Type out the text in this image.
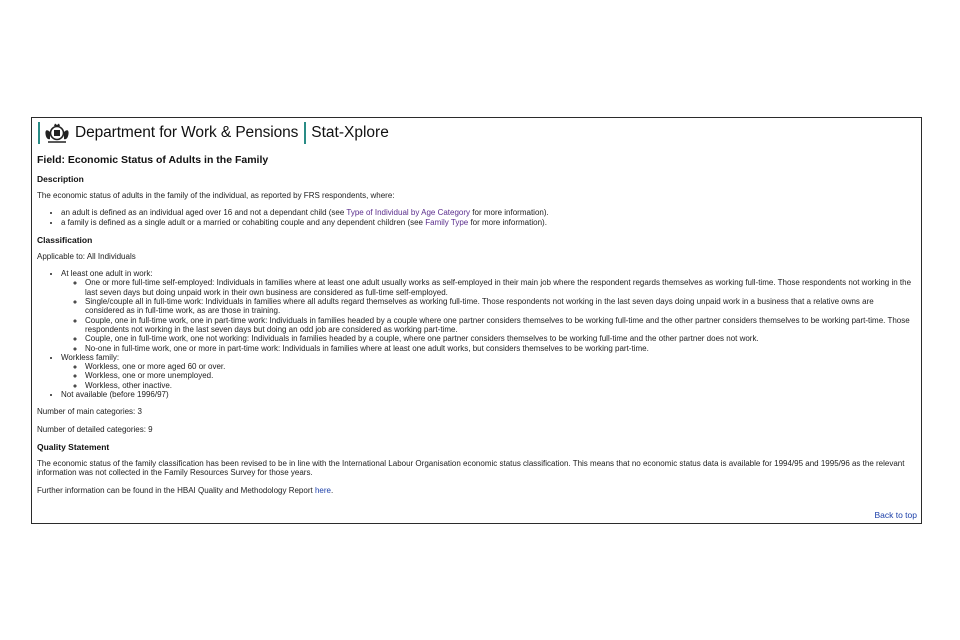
Department for Work & Pensions Stat-Xplore
Field: Economic Status of Adults in the Family
Description

The economic status of adults in the family of the individual, as reported by FRS respondents, where:

• an adult is defined as an individual aged over 16 and not a dependant child (see Type of Individual by Age Category for more information).
• a family is defined as a single adult or a married or cohabiting couple and any dependent children (see Family Type for more information).
Classification

Applicable to: All Individuals

• At least one adult in work:
◦ One or more full-time self-employed: Individuals in families where at least one adult usually works as self-employed in their main job where the respondent regards themselves as working full-time. Those respondents not working in the last seven days but doing unpaid work in their own business are considered as full-time self-employed.
◦ Single/couple all in full-time work: Individuals in families where all adults regard themselves as working full-time. Those respondents not working in the last seven days doing unpaid work in a business that a relative owns are considered as in full-time work, as are those in training.
◦ Couple, one in full-time work, one in part-time work: Individuals in families headed by a couple where one partner considers themselves to be working full-time and the other partner considers themselves to be working part-time. Those respondents not working in the last seven days but doing an odd job are considered as working part-time.
◦ Couple, one in full-time work, one not working: Individuals in families headed by a couple, where one partner considers themselves to be working full-time and the other partner does not work.
◦ No-one in full-time work, one or more in part-time work: Individuals in families where at least one adult works, but considers themselves to be working part-time.
• Workless family:
◦ Workless, one or more aged 60 or over.
◦ Workless, one or more unemployed.
◦ Workless, other inactive.
• Not available (before 1996/97)

Number of main categories: 3

Number of detailed categories: 9

Quality Statement

The economic status of the family classification has been revised to be in line with the International Labour Organisation economic status classification. This means that no economic status data is available for 1994/95 and 1995/96 as the relevant information was not collected in the Family Resources Survey for those years.

Further information can be found in the HBAI Quality and Methodology Report here.

Back to top
